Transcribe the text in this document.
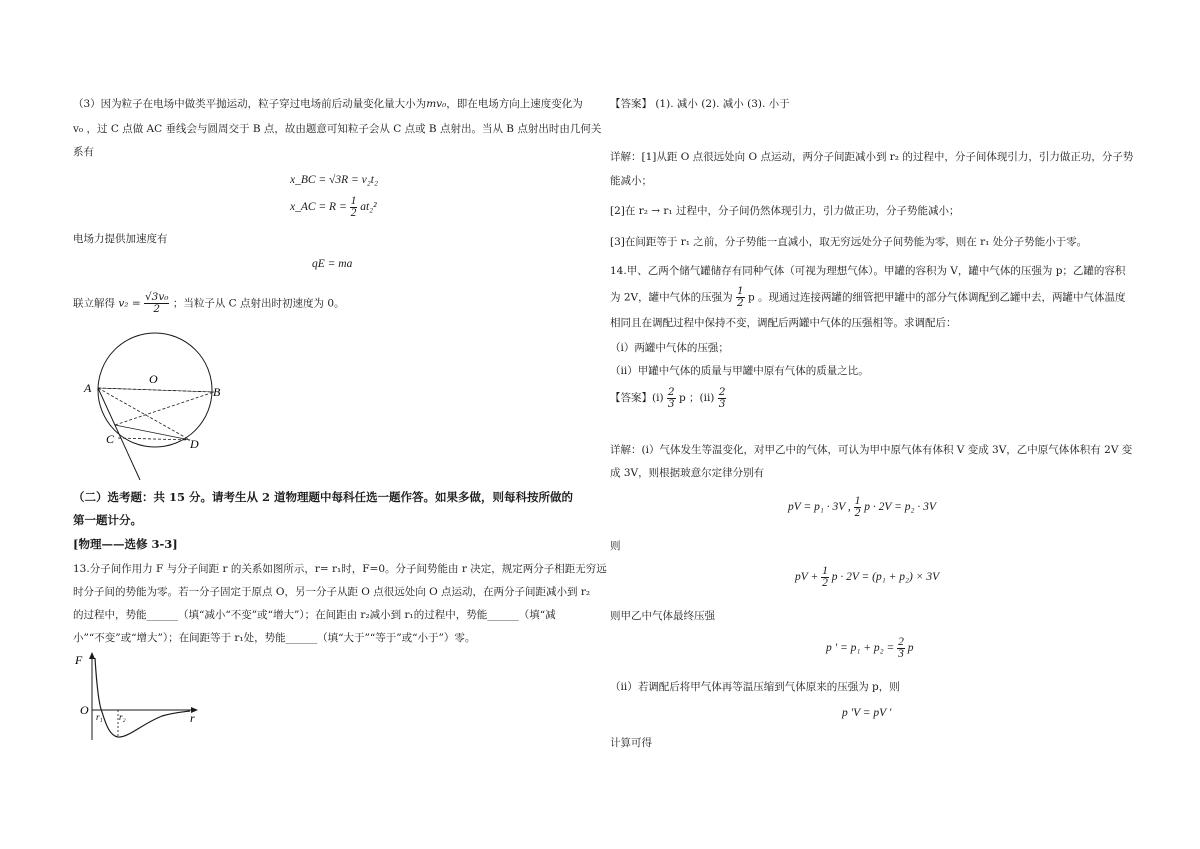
（3）因为粒子在电场中做类平抛运动，粒子穿过电场前后动量变化量大小为mv₀，即在电场方向上速度变化为
v₀ ，过 C 点做 AC 垂线会与圆周交于 B 点，故由题意可知粒子会从 C 点或 B 点射出。当从 B 点射出时由几何关
系有
x_BC = √3R = v₂t₂
x_AC = $R = \frac{1}{2} at_2^2$
电场力提供加速度有
qE = ma
联立解得 $v_2 = \frac{\text{√3v₀}}{2}$ ；当粒子从 C 点射出时初速度为 0。
A
O
B
C	D
（二）选考题：共 15 分。请考生从 2 道物理题中每科任选一题作答。如果多做，则每科按所做的
第一题计分。
[物理——选修 3-3]
13.分子间作用力 F 与分子间距 r 的关系如图所示，r= r₁时，F=0。分子间势能由 r 决定，规定两分子相距无穷远
时分子间的势能为零。若一分子固定于原点 O，另一分子从距 O 点很远处向 O 点运动，在两分子间距减小到 r₂
的过程中，势能______（填“减小“不变”或“增大”）；在间距由 r₂减小到 r₁的过程中，势能______（填“减
小”“不变”或“增大”）；在间距等于 r₁处，势能______（填“大于”“等于”或“小于”）零。
F
O r₁ r₂	r
【答案】 (1). 减小 (2). 减小 (3). 小于
详解：[1]从距 O 点很远处向 O 点运动，两分子间距减小到 r₂ 的过程中，分子间体现引力，引力做正功，分子势
能减小；
[2]在 r₂ → r₁ 过程中，分子间仍然体现引力，引力做正功，分子势能减小；
[3]在间距等于 r₁ 之前，分子势能一直减小，取无穷远处分子间势能为零，则在 r₁ 处分子势能小于零。
14.甲、乙两个储气罐储存有同种气体（可视为理想气体）。甲罐的容积为 V，罐中气体的压强为 p；乙罐的容积
为 2V，罐中气体的压强为 $\frac{1}{2}$ p 。现通过连接两罐的细管把甲罐中的部分气体调配到乙罐中去，两罐中气体温度
相同且在调配过程中保持不变，调配后两罐中气体的压强相等。求调配后：
（i）两罐中气体的压强；
（ii）甲罐中气体的质量与甲罐中原有气体的质量之比。
【答案】$(i) \frac{2}{3}$ p ；$(ii) \frac{2}{3}$
详解：(i）气体发生等温变化，对甲乙中的气体，可认为甲中原气体有体积 V 变成 3V，乙中原气体体积有 2V 变
成 3V，则根据玻意尔定律分别有
pV = p₁ · 3V , $\frac{1}{2}$ p · 2V = p₂ · 3V
则
pV + $\frac{1}{2}$ p · 2V = (p₁ + p₂) × 3V
则甲乙中气体最终压强
p ' = $p_1 + p_2 = \frac{2}{3}$ p
（ii）若调配后将甲气体再等温压缩到气体原来的压强为 p，则
p 'V = pV '
计算可得
